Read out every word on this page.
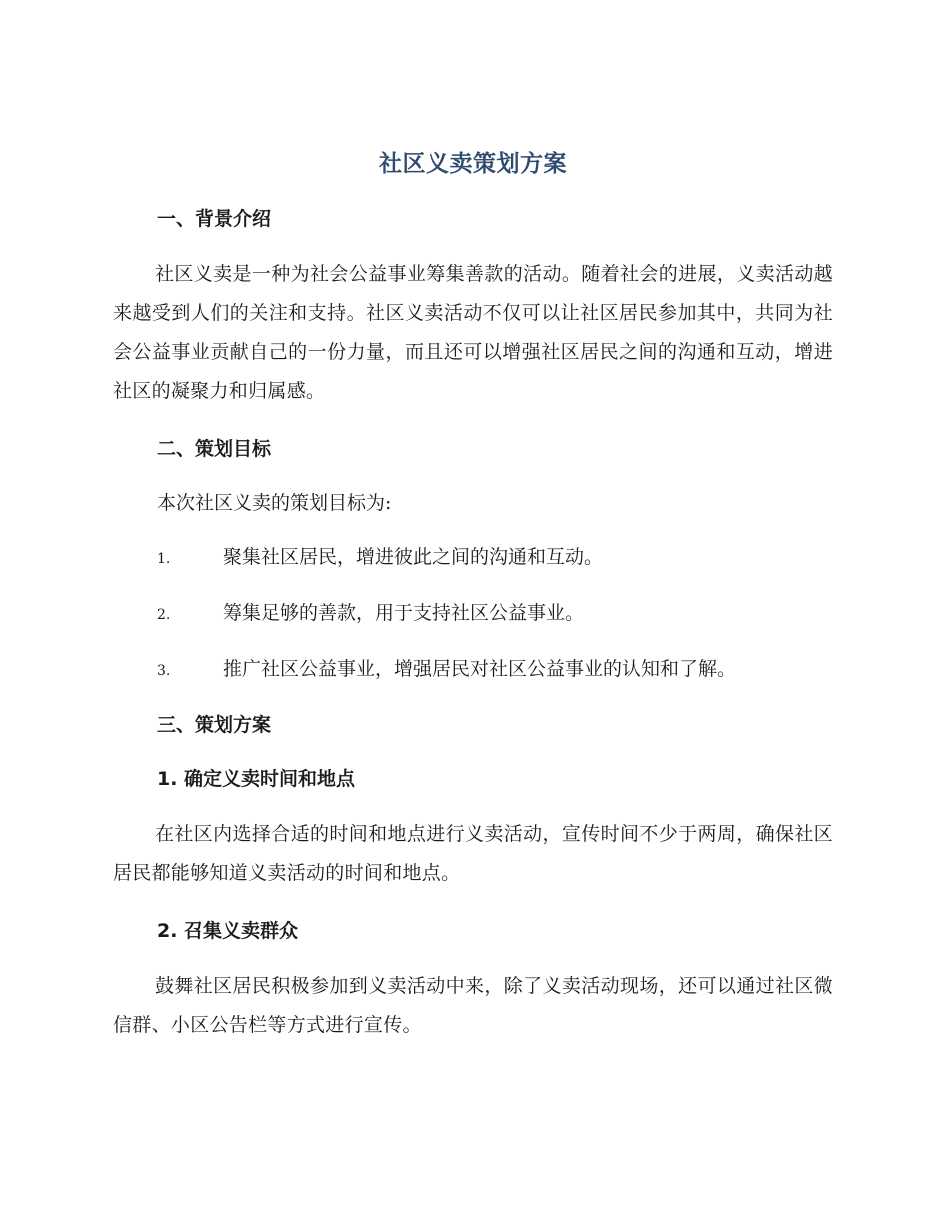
社区义卖策划方案
一、背景介绍

社区义卖是一种为社会公益事业筹集善款的活动。随着社会的进展，义卖活动越来越受到人们的关注和支持。社区义卖活动不仅可以让社区居民参加其中，共同为社会公益事业贡献自己的一份力量，而且还可以增强社区居民之间的沟通和互动，增进社区的凝聚力和归属感。

二、策划目标
本次社区义卖的策划目标为:
1.	聚集社区居民，增进彼此之间的沟通和互动。
2.	筹集足够的善款，用于支持社区公益事业。
3.	推广社区公益事业，增强居民对社区公益事业的认知和了解。
三、策划方案
1. 确定义卖时间和地点

在社区内选择合适的时间和地点进行义卖活动，宣传时间不少于两周，确保社区居民都能够知道义卖活动的时间和地点。

2. 召集义卖群众

鼓舞社区居民积极参加到义卖活动中来，除了义卖活动现场，还可以通过社区微信群、小区公告栏等方式进行宣传。
